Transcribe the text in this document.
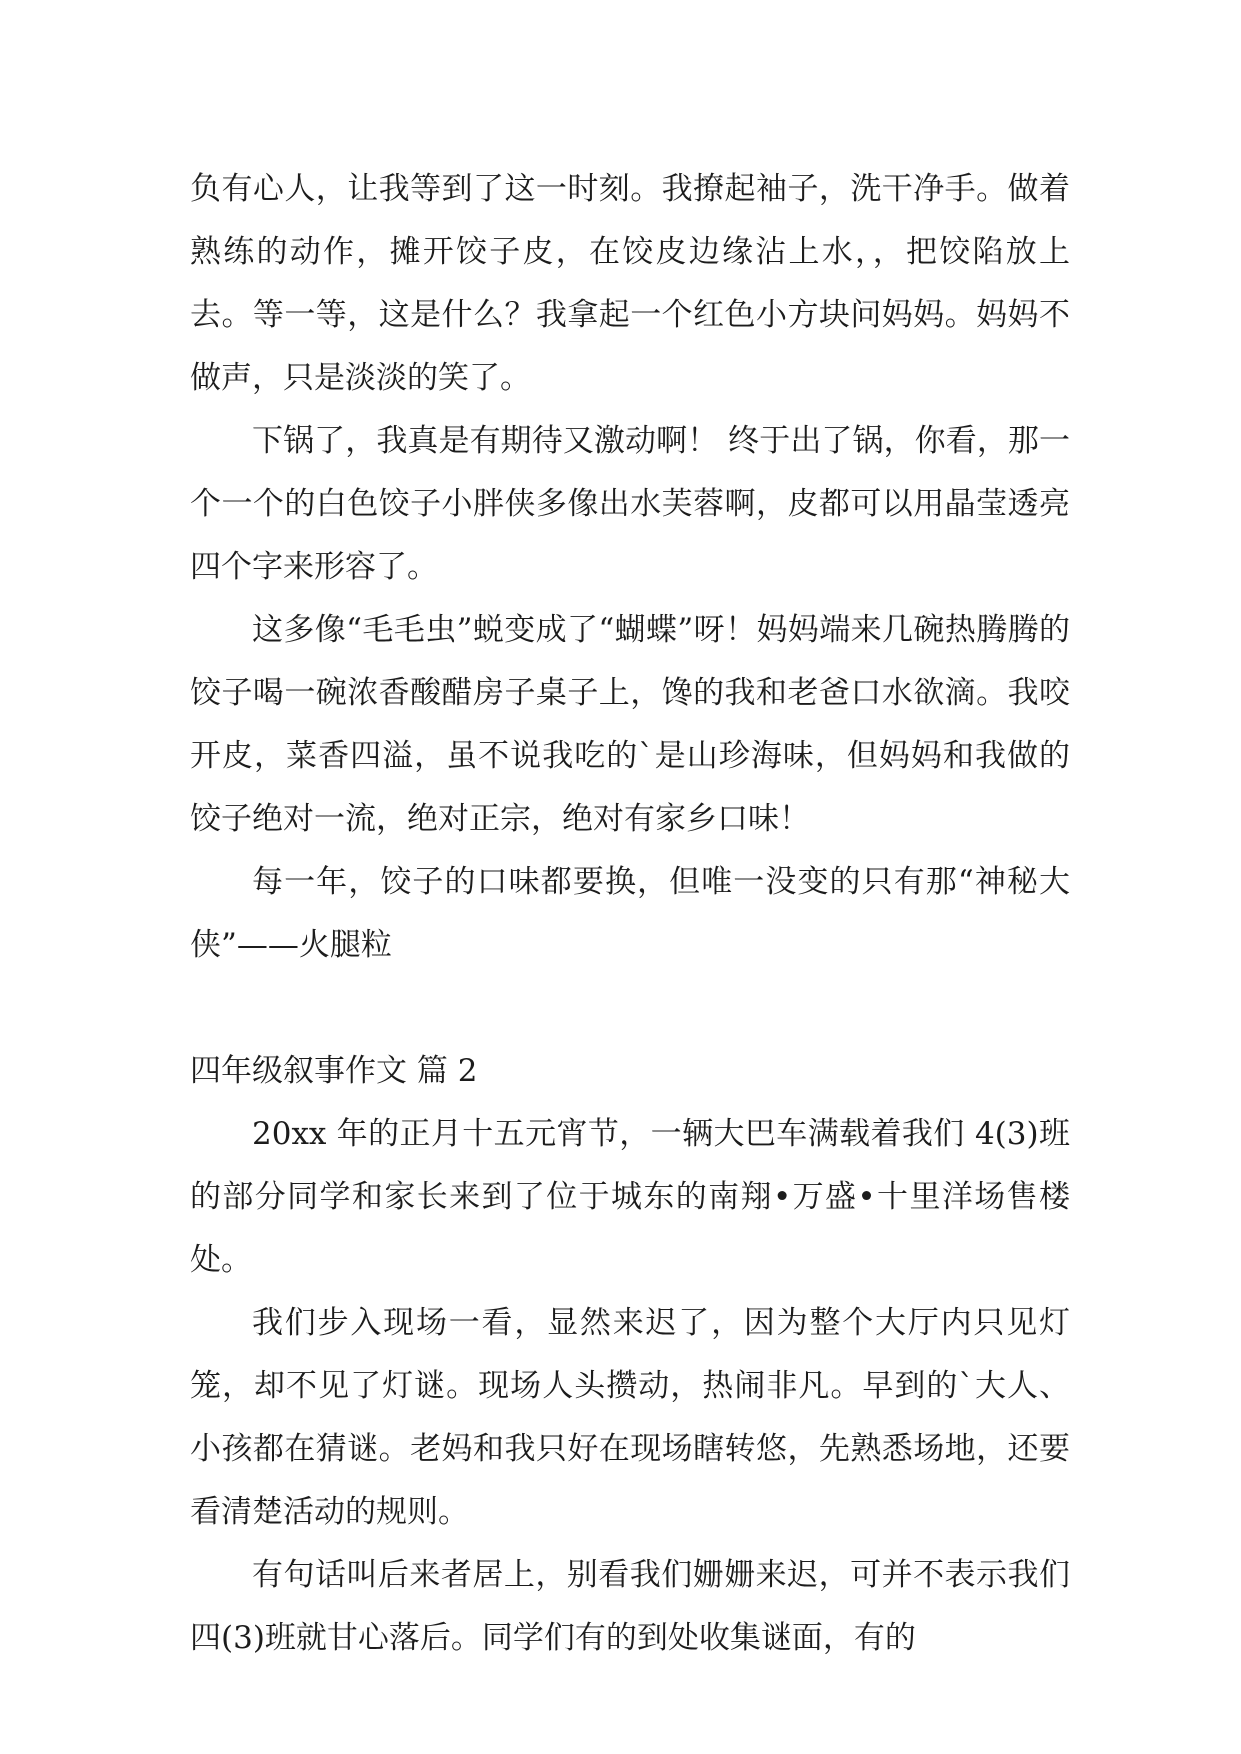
负有心人，让我等到了这一时刻。我撩起袖子，洗干净手。做着熟练的动作，摊开饺子皮，在饺皮边缘沾上水，，把饺陷放上去。等一等，这是什么？我拿起一个红色小方块问妈妈。妈妈不做声，只是淡淡的笑了。

下锅了，我真是有期待又激动啊！ 终于出了锅，你看，那一个一个的白色饺子小胖侠多像出水芙蓉啊，皮都可以用晶莹透亮四个字来形容了。

这多像“毛毛虫”蜕变成了“蝴蝶”呀！妈妈端来几碗热腾腾的饺子喝一碗浓香酸醋房子桌子上，馋的我和老爸口水欲滴。我咬开皮，菜香四溢，虽不说我吃的`是山珍海味，但妈妈和我做的饺子绝对一流，绝对正宗，绝对有家乡口味！

每一年，饺子的口味都要换，但唯一没变的只有那“神秘大侠”——火腿粒

四年级叙事作文 篇 2

20xx 年的正月十五元宵节，一辆大巴车满载着我们 4(3)班的部分同学和家长来到了位于城东的南翔•万盛•十里洋场售楼处。

我们步入现场一看，显然来迟了，因为整个大厅内只见灯笼，却不见了灯谜。现场人头攒动，热闹非凡。早到的`大人、小孩都在猜谜。老妈和我只好在现场瞎转悠，先熟悉场地，还要看清楚活动的规则。

有句话叫后来者居上，别看我们姗姗来迟，可并不表示我们四(3)班就甘心落后。同学们有的到处收集谜面，有的
